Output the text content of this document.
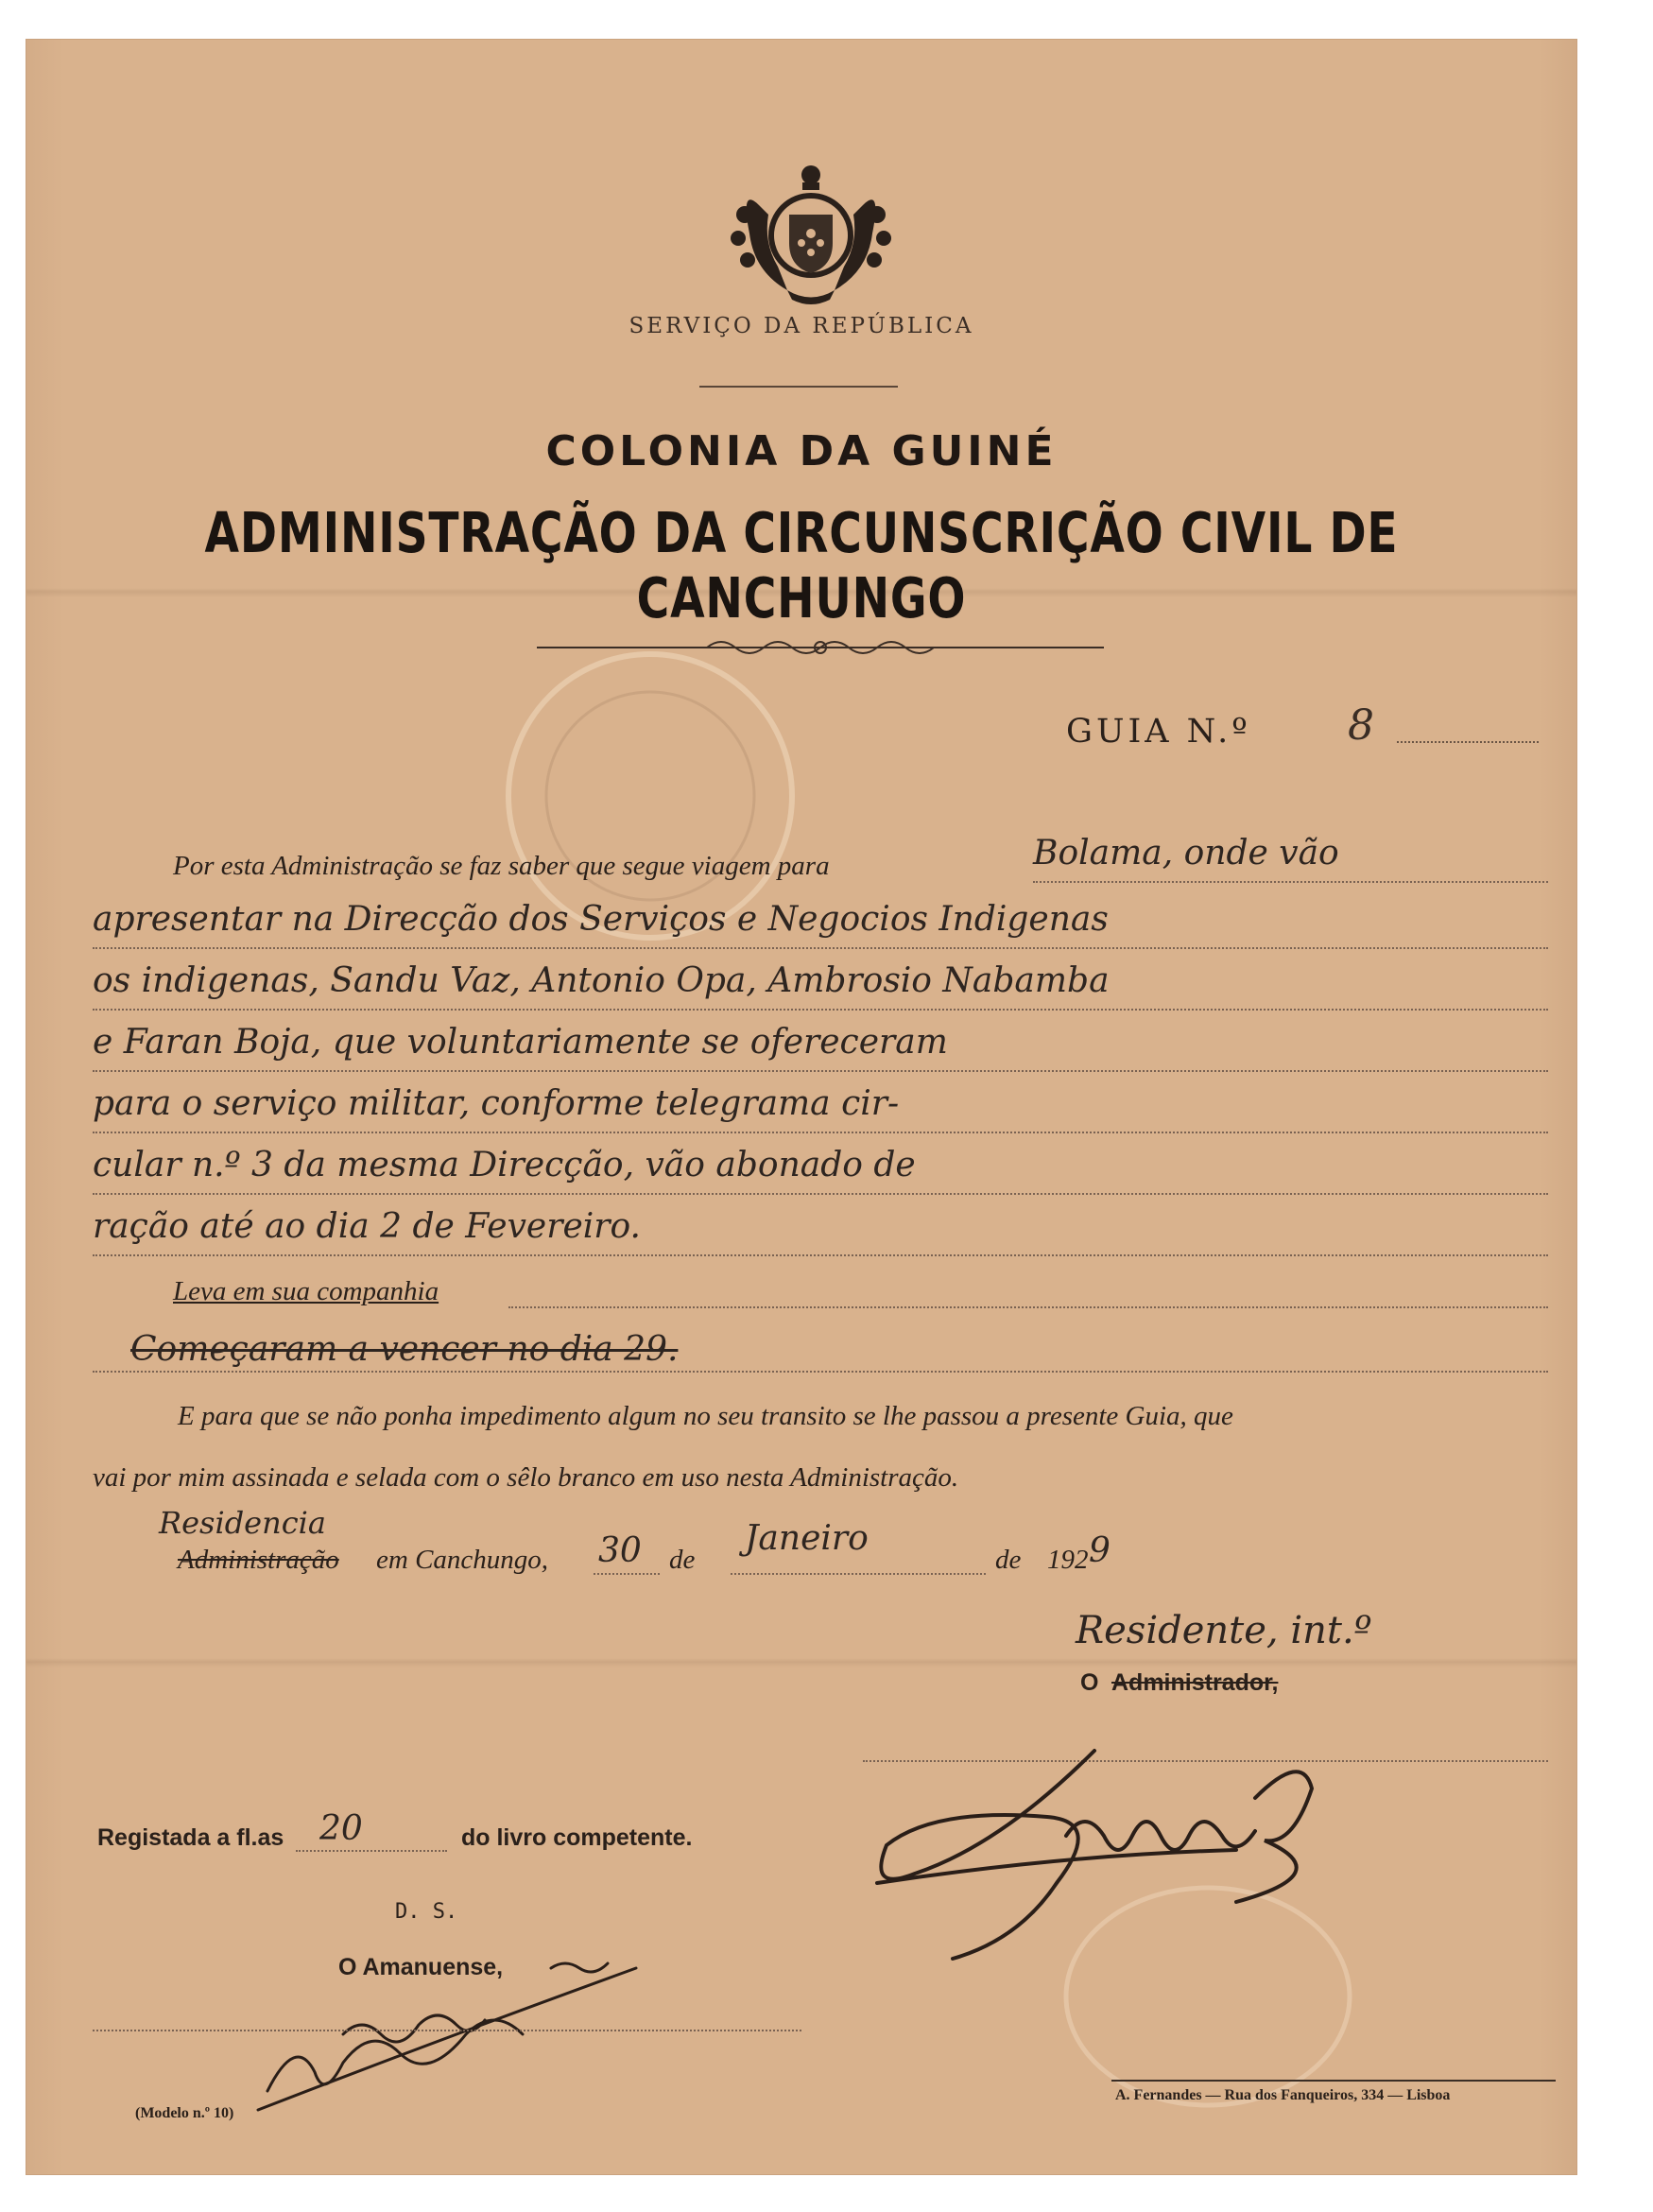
SERVIÇO DA REPÚBLICA
COLONIA DA GUINÉ
ADMINISTRAÇÃO DA CIRCUNSCRIÇÃO CIVIL DE CANCHUNGO
GUIA N.º 8
Por esta Administração se faz saber que segue viagem para	Bolama, onde vão
apresentar na Direcção dos Serviços e Negocios Indigenas
os indigenas, Sandu Vaz, Antonio Opa, Ambrosio Nabamba
e Faran Boja, que voluntariamente se ofereceram
para o serviço militar, conforme telegrama cir-
cular n.º 3 da mesma Direcção, vão abonado de
ração até ao dia 2 de Fevereiro.
Leva em sua companhia
Começaram a vencer no dia 29.
E para que se não ponha impedimento algum no seu transito se lhe passou a presente Guia, que
vai por mim assinada e selada com o sêlo branco em uso nesta Administração.
Residencia
Administração em Canchungo, 30 de
Janeiro
de 192 9
Residente, int.º
O Administrador,
Registada a fl.as 20	do livro competente.
D. S.
O Amanuense,
(Modelo n.º 10)
A. Fernandes — Rua dos Fanqueiros, 334 — Lisboa
